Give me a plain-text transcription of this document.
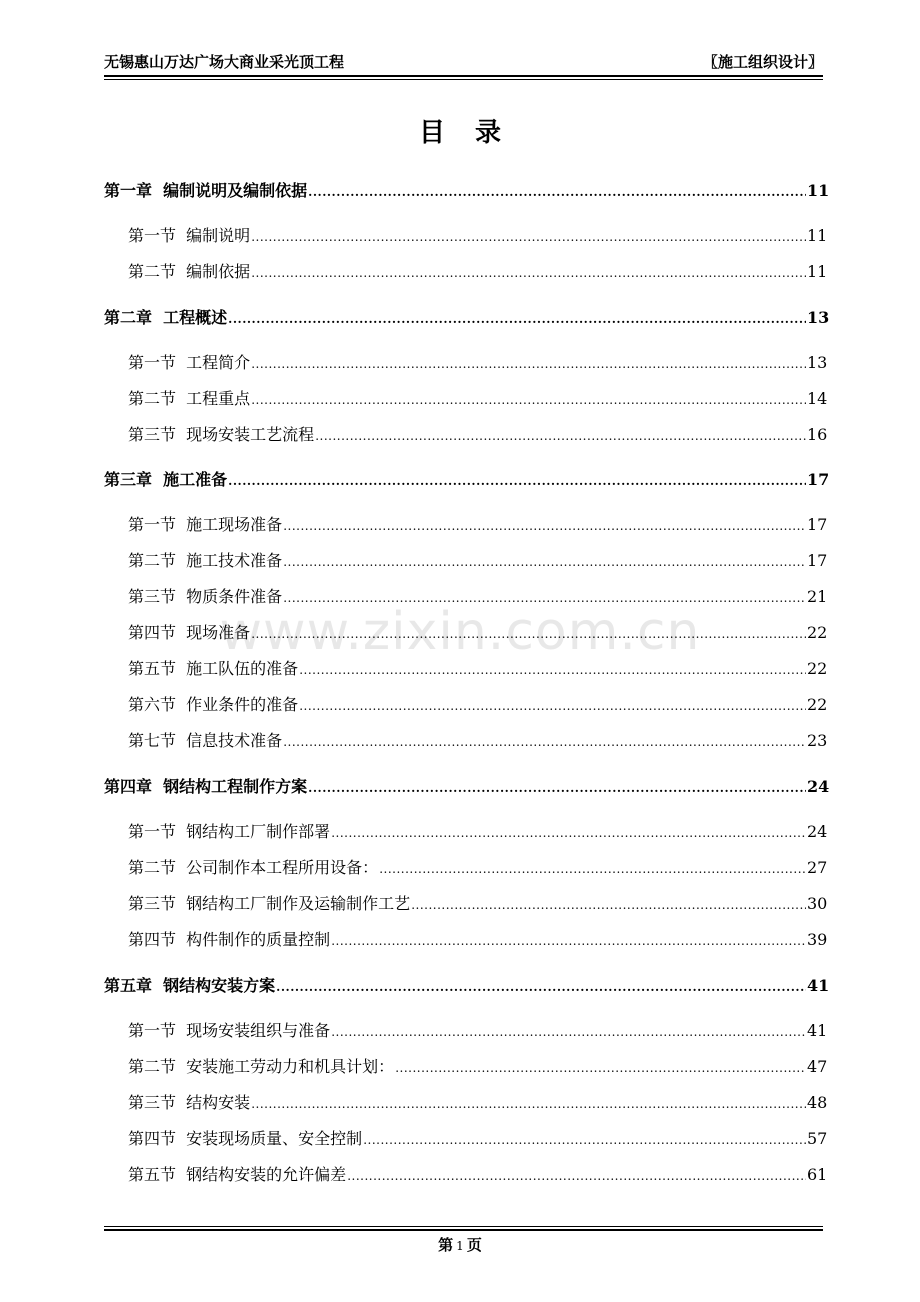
无锡惠山万达广场大商业采光顶工程	〖施工组织设计〗
目录
www.zixin.com.cn
第一章  编制说明及编制依据 .....	11
第一节  编制说明 .....	11
第二节  编制依据 .....	11
第二章  工程概述 .....	13
第一节  工程简介 .....	13
第二节  工程重点 .....	14
第三节  现场安装工艺流程 .....	16
第三章  施工准备 .....	17
第一节  施工现场准备 .....	17
第二节  施工技术准备 .....	17
第三节  物质条件准备 .....	21
第四节  现场准备 .....	22
第五节  施工队伍的准备 .....	22
第六节  作业条件的准备 .....	22
第七节  信息技术准备 .....	23
第四章  钢结构工程制作方案 .....	24
第一节  钢结构工厂制作部署 .....	24
第二节  公司制作本工程所用设备： .....	27
第三节  钢结构工厂制作及运输制作工艺 .....	30
第四节  构件制作的质量控制 .....	39
第五章  钢结构安装方案 .....	41
第一节  现场安装组织与准备 .....	41
第二节  安装施工劳动力和机具计划： .....	47
第三节  结构安装 .....	48
第四节  安装现场质量、安全控制 .....	57
第五节  钢结构安装的允许偏差 .....	61
第 1 页
